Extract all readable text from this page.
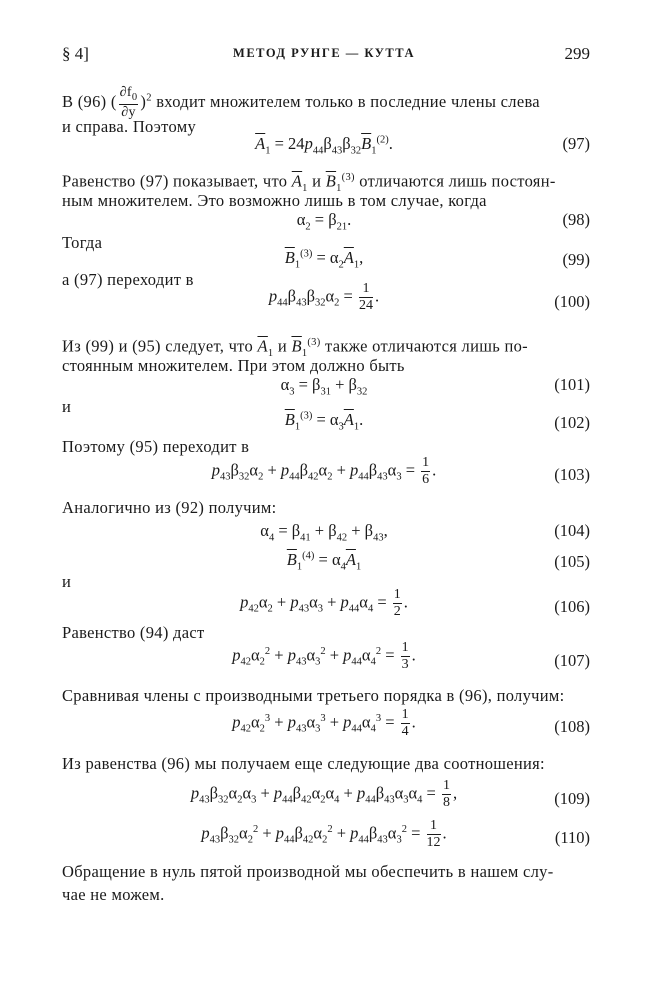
§ 4]	МЕТОД РУНГЕ — КУТТА	299
В (96) ( $\frac{\partial f_0}{\partial y} )^2$ входит множителем только в последние члены слева
и справа. Поэтому
$\overline{A}_1 = 24p_{44}\beta_{43}\beta_{32}\overline{B}_1^{(2)}$.	(97)
Равенство (97) показывает, что $\overline{A}_1$ и $\overline{B}_1^{(3)}$ отличаются лишь постоян-
ным множителем. Это возможно лишь в том случае, когда
$\alpha_2 = \beta_{21}$.	(98)
Тогда
$\overline{B}_1^{(3)} = \alpha_2\overline{A}_1$,	(99)
а (97) переходит в
$p_{44}\beta_{43}\beta_{32}\alpha_2 = \frac{1}{24}$ .	(100)
Из (99) и (95) следует, что $\overline{A}_1$ и $\overline{B}_1^{(3)}$ также отличаются лишь по-
стоянным множителем. При этом должно быть
$\alpha_3 = \beta_{31} + \beta_{32}$	(101)
и
$\overline{B}_1^{(3)} = \alpha_3\overline{A}_1$.	(102)
Поэтому (95) переходит в
$p_{43}\beta_{32}\alpha_2 + p_{44}\beta_{42}\alpha_2 + p_{44}\beta_{43}\alpha_3 = \frac{1}{6}$ .	(103)
Аналогично из (92) получим:
$\alpha_4 = \beta_{41} + \beta_{42} + \beta_{43}$,	(104)
$\overline{B}_1^{(4)} = \alpha_4\overline{A}_1$	(105)
и
$p_{42}\alpha_2 + p_{43}\alpha_3 + p_{44}\alpha_4 = \frac{1}{2}$ .	(106)
Равенство (94) даст
$p_{42}\alpha_2^2 + p_{43}\alpha_3^2 + p_{44}\alpha_4^2 = \frac{1}{3}$ .	(107)
Сравнивая члены с производными третьего порядка в (96), получим:
$p_{42}\alpha_2^3 + p_{43}\alpha_3^3 + p_{44}\alpha_4^3 = \frac{1}{4}$ .	(108)
Из равенства (96) мы получаем еще следующие два соотношения:
$p_{43}\beta_{32}\alpha_2\alpha_3 + p_{44}\beta_{42}\alpha_2\alpha_4 + p_{44}\beta_{43}\alpha_3\alpha_4 = \frac{1}{8}$ ,	(109)
$p_{43}\beta_{32}\alpha_2^2 + p_{44}\beta_{42}\alpha_2^2 + p_{44}\beta_{43}\alpha_3^2 = \frac{1}{12}$ .	(110)
Обращение в нуль пятой производной мы обеспечить в нашем слу-
чае не можем.
